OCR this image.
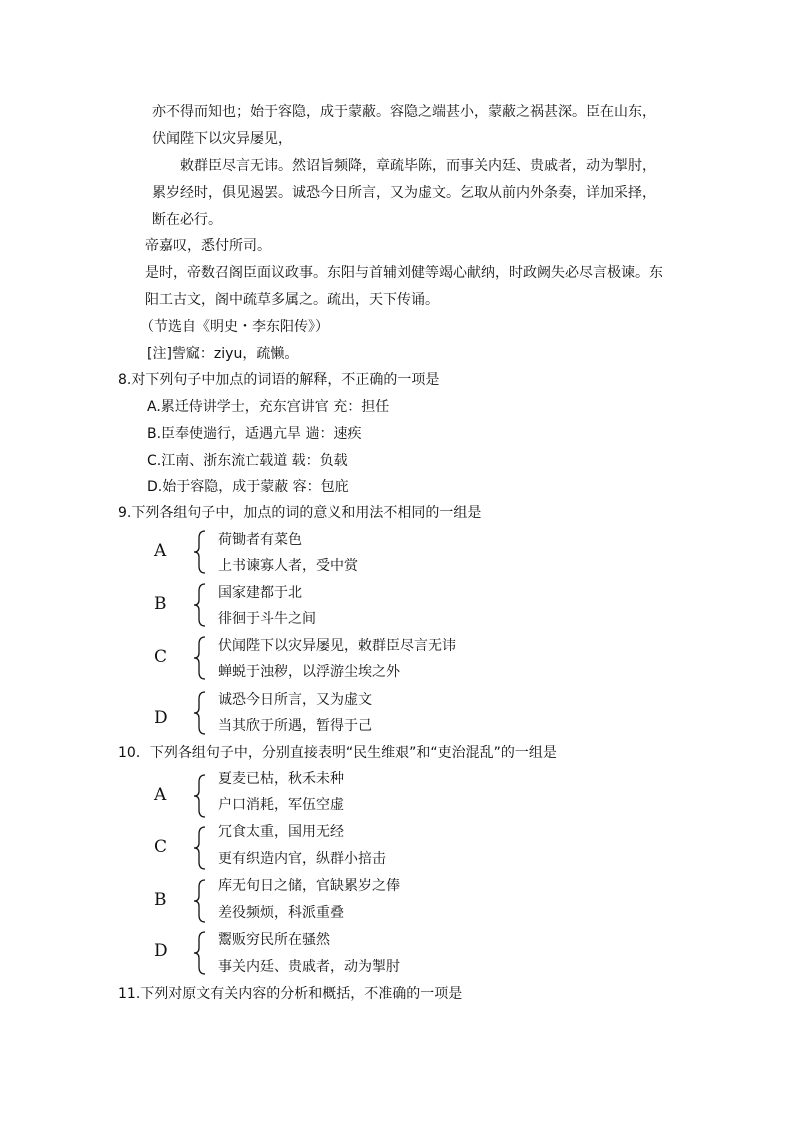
亦不得而知也；始于容隐，成于蒙蔽。容隐之端甚小，蒙蔽之祸甚深。臣在山东，
伏闻陛下以灾异屡见，
敕群臣尽言无讳。然诏旨频降，章疏毕陈，而事关内廷、贵戚者，动为掣肘，
累岁经时，俱见遏罢。诚恐今日所言，又为虚文。乞取从前内外条奏，详加采择，
断在必行。
帝嘉叹，悉付所司。
是时，帝数召阁臣面议政事。东阳与首辅刘健等竭心献纳，时政阙失必尽言极谏。东
阳工古文，阁中疏草多属之。疏出，天下传诵。
（节选自《明史・李东阳传》）
[注]訾窳：ziyu，疏懒。
8.对下列句子中加点的词语的解释，不正确的一项是
A.累迁侍讲学士，充东宫讲官 充：担任
B.臣奉使遄行，适遇亢旱 遄：速疾
C.江南、浙东流亡载道 载：负载
D.始于容隐，成于蒙蔽 容：包庇
9.下列各组句子中，加点的词的意义和用法不相同的一组是
A
荷锄者有菜色
上书谏寡人者，受中赏
B
国家建都于北
徘徊于斗牛之间
C
伏闻陛下以灾异屡见，敕群臣尽言无讳
蝉蜕于浊秽，以浮游尘埃之外
D
诚恐今日所言，又为虚文
当其欣于所遇，暂得于己
10．下列各组句子中，分别直接表明“民生维艰”和“吏治混乱”的一组是
A
夏麦已枯，秋禾未种
户口消耗，军伍空虚
C
冗食太重，国用无经
更有织造内官，纵群小掊击
B
库无旬日之储，官缺累岁之俸
差役频烦，科派重叠
D
鬻贩穷民所在骚然
事关内廷、贵戚者，动为掣肘
11.下列对原文有关内容的分析和概括，不准确的一项是
